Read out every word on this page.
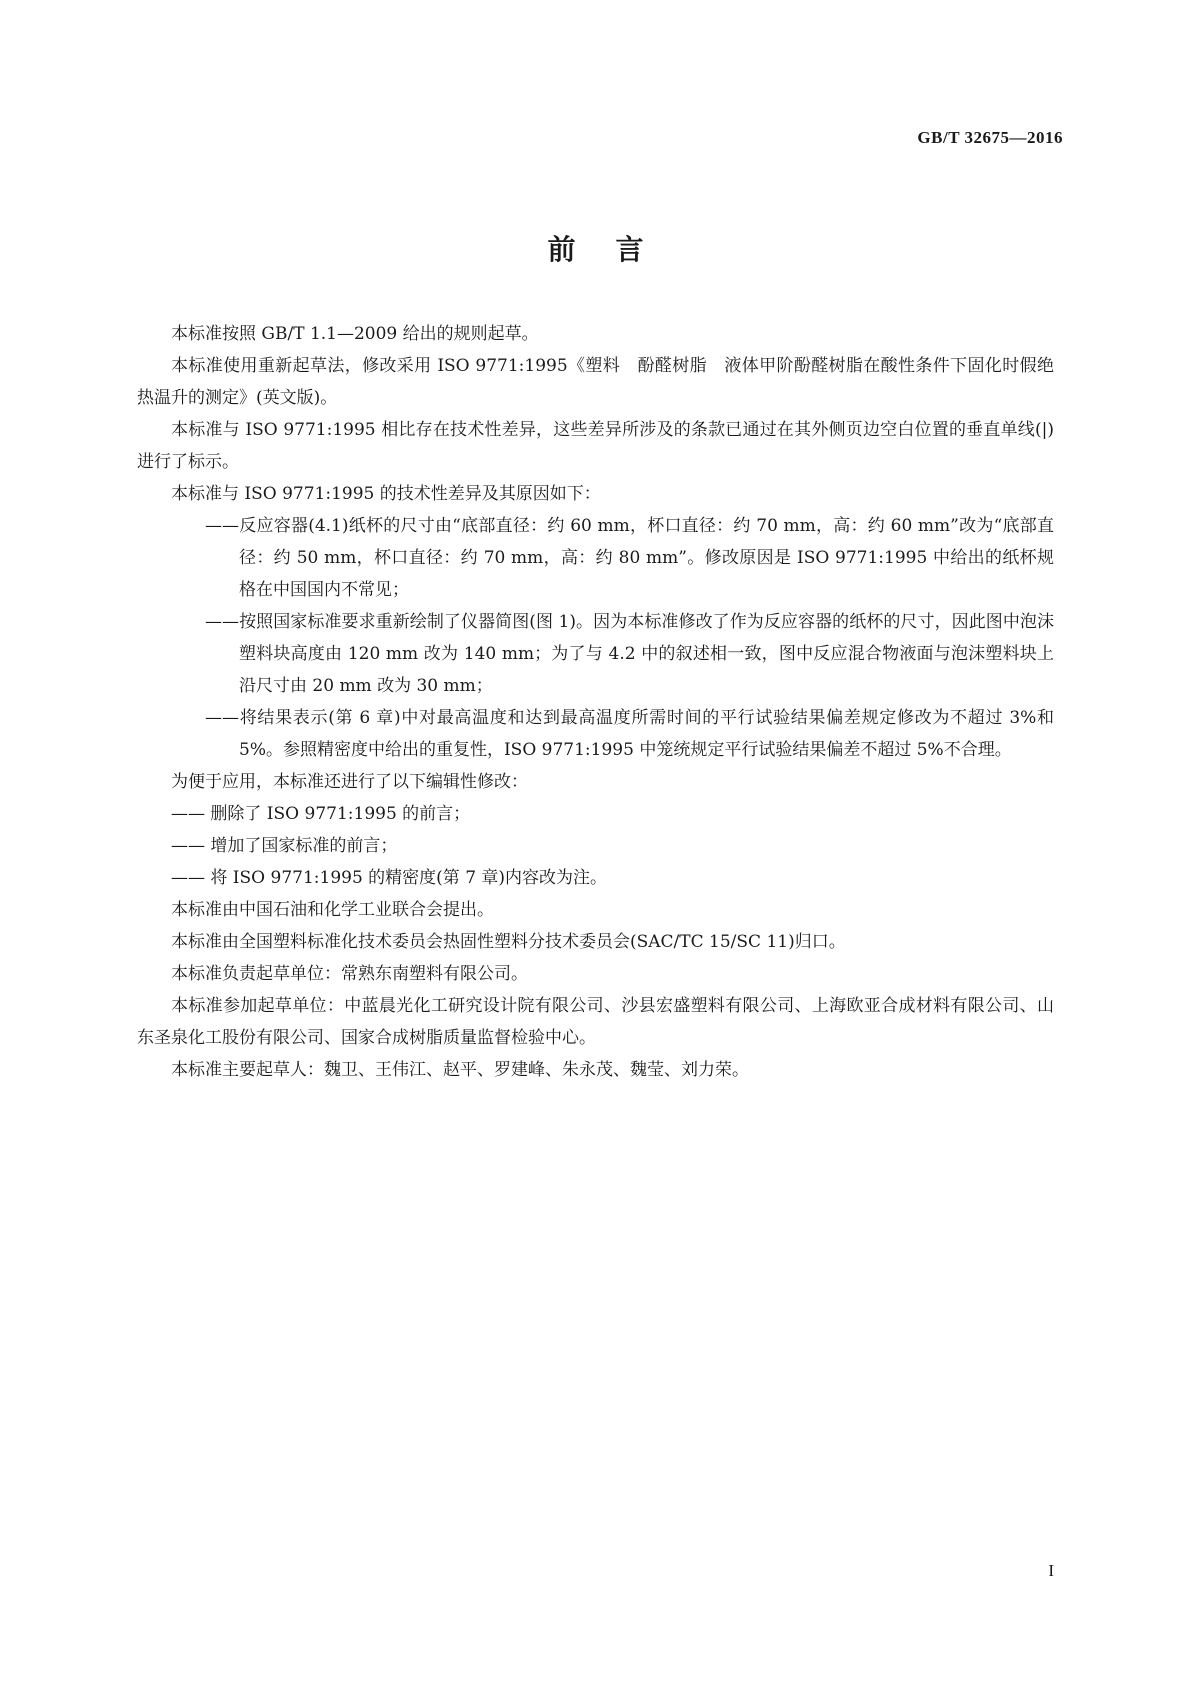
GB/T 32675—2016
前言

本标准按照 GB/T 1.1—2009 给出的规则起草。

本标准使用重新起草法，修改采用 ISO 9771:1995《塑料　酚醛树脂　液体甲阶酚醛树脂在酸性条件下固化时假绝热温升的测定》(英文版)。

本标准与 ISO 9771:1995 相比存在技术性差异，这些差异所涉及的条款已通过在其外侧页边空白位置的垂直单线(|)进行了标示。

本标准与 ISO 9771:1995 的技术性差异及其原因如下：

——反应容器(4.1)纸杯的尺寸由“底部直径：约 60 mm，杯口直径：约 70 mm，高：约 60 mm”改为“底部直径：约 50 mm，杯口直径：约 70 mm，高：约 80 mm”。修改原因是 ISO 9771:1995 中给出的纸杯规格在中国国内不常见；

——按照国家标准要求重新绘制了仪器简图(图 1)。因为本标准修改了作为反应容器的纸杯的尺寸，因此图中泡沫塑料块高度由 120 mm 改为 140 mm；为了与 4.2 中的叙述相一致，图中反应混合物液面与泡沫塑料块上沿尺寸由 20 mm 改为 30 mm；

——将结果表示(第 6 章)中对最高温度和达到最高温度所需时间的平行试验结果偏差规定修改为不超过 3%和 5%。参照精密度中给出的重复性，ISO 9771:1995 中笼统规定平行试验结果偏差不超过 5%不合理。

为便于应用，本标准还进行了以下编辑性修改：

—— 删除了 ISO 9771:1995 的前言；

—— 增加了国家标准的前言；

—— 将 ISO 9771:1995 的精密度(第 7 章)内容改为注。

本标准由中国石油和化学工业联合会提出。

本标准由全国塑料标准化技术委员会热固性塑料分技术委员会(SAC/TC 15/SC 11)归口。

本标准负责起草单位：常熟东南塑料有限公司。

本标准参加起草单位：中蓝晨光化工研究设计院有限公司、沙县宏盛塑料有限公司、上海欧亚合成材料有限公司、山东圣泉化工股份有限公司、国家合成树脂质量监督检验中心。

本标准主要起草人：魏卫、王伟江、赵平、罗建峰、朱永茂、魏莹、刘力荣。

I
